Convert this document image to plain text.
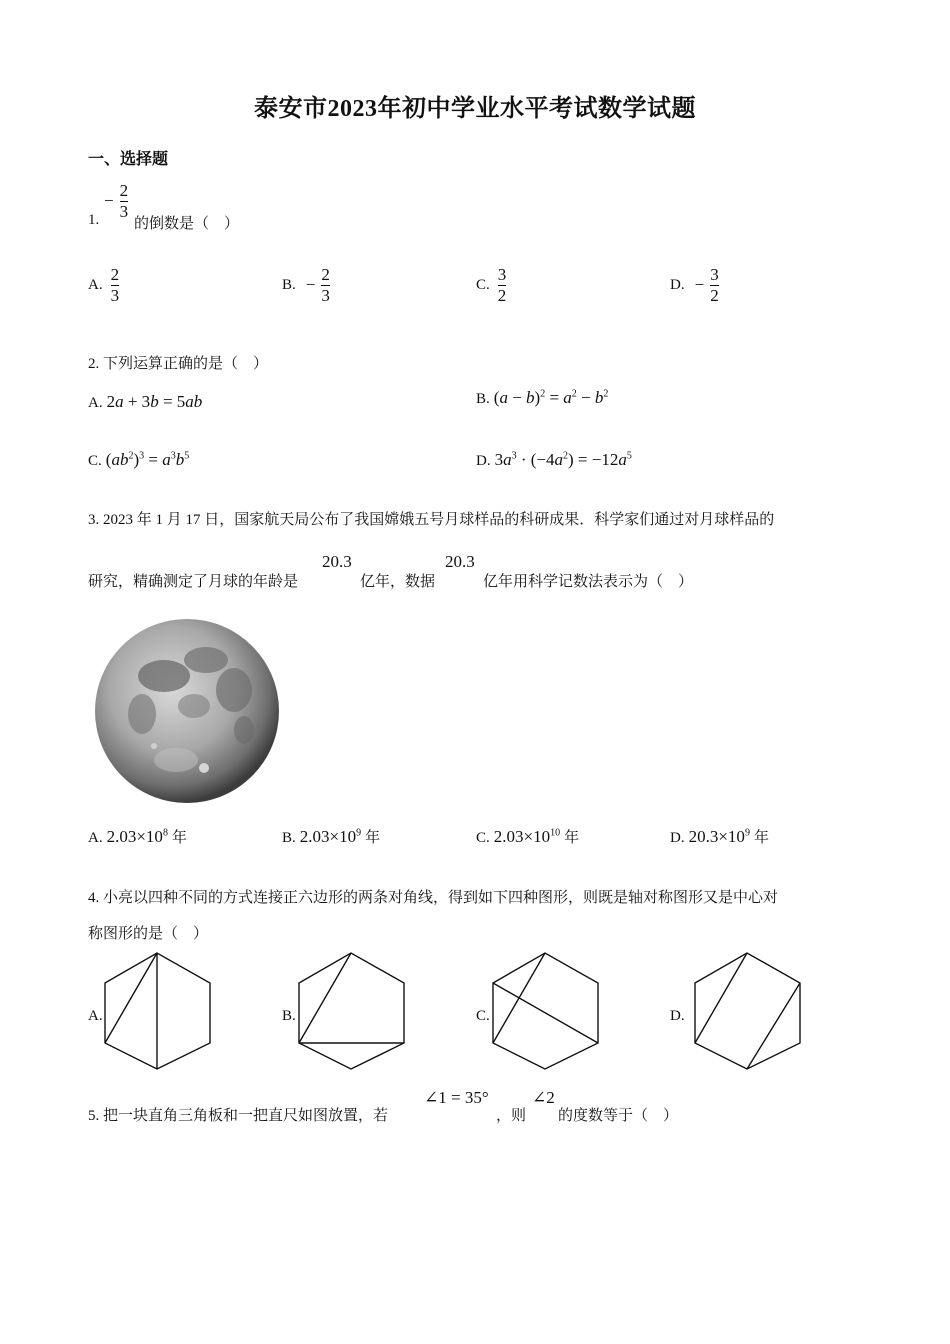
泰安市2023年初中学业水平考试数学试题
一、选择题
1.
− $\frac{2}{3}$
的倒数是（　）
A. $\frac{2}{3}$	B. − $\frac{2}{3}$	C. $\frac{3}{2}$	D. − $\frac{3}{2}$
2. 下列运算正确的是（　）
A. 2a + 3b = 5ab	B. $(a - b)^2 = a^2 - b^2$
C. $(ab^2)^3 = a^3b^5$	D. $3a^3 \cdot (-4a^2) = -12a^5$
3. 2023 年 1 月 17 日，国家航天局公布了我国嫦娥五号月球样品的科研成果．科学家们通过对月球样品的
研究，精确测定了月球的年龄是
20.3
亿年，数据
20.3
亿年用科学记数法表示为（　）
A. $2.03\times 10^8$ 年	B. $2.03\times 10^9$ 年	C. $2.03\times 10^{10}$ 年	D. $20.3\times 10^9$ 年
4. 小亮以四种不同的方式连接正六边形的两条对角线，得到如下四种图形，则既是轴对称图形又是中心对
称图形的是（　）
A.	B.	C.	D.
5. 把一块直角三角板和一把直尺如图放置，若
∠1 = 35°
，则
∠2
的度数等于（　）
